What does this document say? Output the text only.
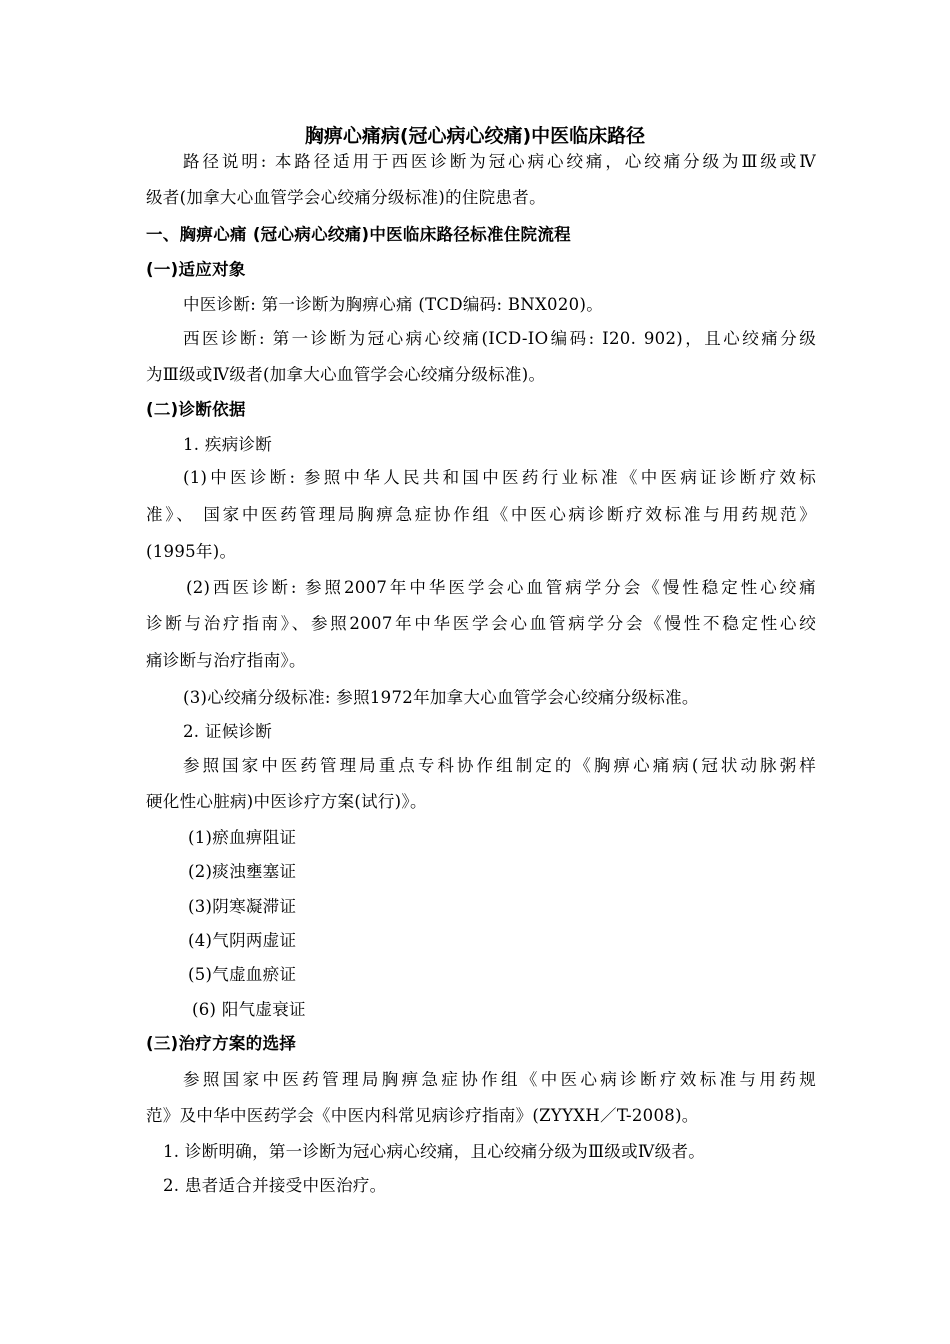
胸痹心痛病(冠心病心绞痛)中医临床路径
路径说明: 本路径适用于西医诊断为冠心病心绞痛，心绞痛分级为Ⅲ级或Ⅳ
级者(加拿大心血管学会心绞痛分级标准)的住院患者。
一、胸痹心痛 (冠心病心绞痛)中医临床路径标准住院流程
(一)适应对象
中医诊断: 第一诊断为胸痹心痛 (TCD编码: BNX020)。
西医诊断: 第一诊断为冠心病心绞痛(ICD-IO编码: I20. 902)，且心绞痛分级
为Ⅲ级或Ⅳ级者(加拿大心血管学会心绞痛分级标准)。
(二)诊断依据
1. 疾病诊断
(1)中医诊断: 参照中华人民共和国中医药行业标准《中医病证诊断疗效标
准》、 国家中医药管理局胸痹急症协作组《中医心病诊断疗效标准与用药规范》
(1995年)。
(2)西医诊断: 参照2007年中华医学会心血管病学分会《慢性稳定性心绞痛
诊断与治疗指南》、参照2007年中华医学会心血管病学分会《慢性不稳定性心绞
痛诊断与治疗指南》。
(3)心绞痛分级标准: 参照1972年加拿大心血管学会心绞痛分级标准。
2. 证候诊断
参照国家中医药管理局重点专科协作组制定的《胸痹心痛病(冠状动脉粥样
硬化性心脏病)中医诊疗方案(试行)》。
(1)瘀血痹阻证
(2)痰浊壅塞证
(3)阴寒凝滞证
(4)气阴两虚证
(5)气虚血瘀证
(6) 阳气虚衰证
(三)治疗方案的选择
参照国家中医药管理局胸痹急症协作组《中医心病诊断疗效标准与用药规
范》及中华中医药学会《中医内科常见病诊疗指南》(ZYYXH／T-2008)。
1. 诊断明确，第一诊断为冠心病心绞痛，且心绞痛分级为Ⅲ级或Ⅳ级者。
2. 患者适合并接受中医治疗。
